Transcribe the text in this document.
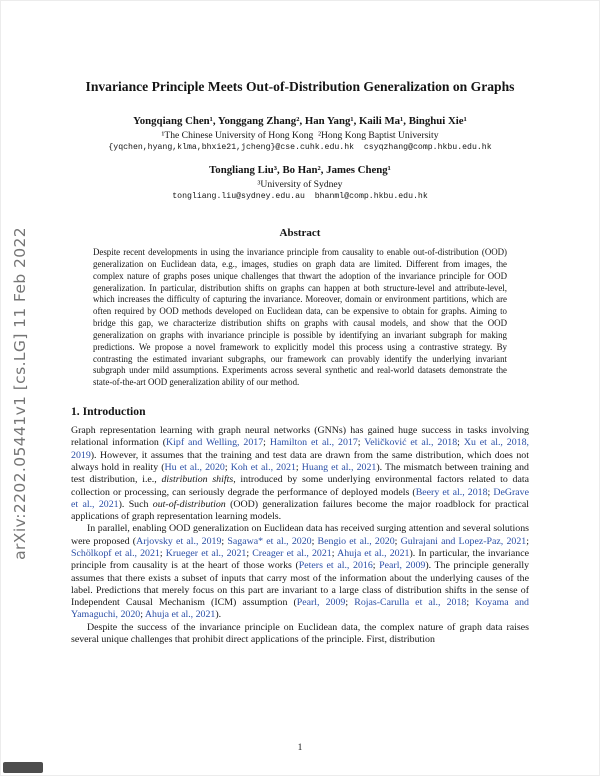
arXiv:2202.05441v1 [cs.LG] 11 Feb 2022
Invariance Principle Meets Out-of-Distribution Generalization on Graphs
Yongqiang Chen¹, Yonggang Zhang², Han Yang¹, Kaili Ma¹, Binghui Xie¹
¹The Chinese University of Hong Kong  ²Hong Kong Baptist University
{yqchen,hyang,klma,bhxie21,jcheng}@cse.cuhk.edu.hk  csyqzhang@comp.hkbu.edu.hk
Tongliang Liu³, Bo Han², James Cheng¹
³University of Sydney
tongliang.liu@sydney.edu.au  bhanml@comp.hkbu.edu.hk
Abstract

Despite recent developments in using the invariance principle from causality to enable out-of-distribution (OOD) generalization on Euclidean data, e.g., images, studies on graph data are limited. Different from images, the complex nature of graphs poses unique challenges that thwart the adoption of the invariance principle for OOD generalization. In particular, distribution shifts on graphs can happen at both structure-level and attribute-level, which increases the difficulty of capturing the invariance. Moreover, domain or environment partitions, which are often required by OOD methods developed on Euclidean data, can be expensive to obtain for graphs. Aiming to bridge this gap, we characterize distribution shifts on graphs with causal models, and show that the OOD generalization on graphs with invariance principle is possible by identifying an invariant subgraph for making predictions. We propose a novel framework to explicitly model this process using a contrastive strategy. By contrasting the estimated invariant subgraphs, our framework can provably identify the underlying invariant subgraph under mild assumptions. Experiments across several synthetic and real-world datasets demonstrate the state-of-the-art OOD generalization ability of our method.

1. Introduction

Graph representation learning with graph neural networks (GNNs) has gained huge success in tasks involving relational information (Kipf and Welling, 2017; Hamilton et al., 2017; Veličković et al., 2018; Xu et al., 2018, 2019). However, it assumes that the training and test data are drawn from the same distribution, which does not always hold in reality (Hu et al., 2020; Koh et al., 2021; Huang et al., 2021). The mismatch between training and test distribution, i.e., distribution shifts, introduced by some underlying environmental factors related to data collection or processing, can seriously degrade the performance of deployed models (Beery et al., 2018; DeGrave et al., 2021). Such out-of-distribution (OOD) generalization failures become the major roadblock for practical applications of graph representation learning models.

In parallel, enabling OOD generalization on Euclidean data has received surging attention and several solutions were proposed (Arjovsky et al., 2019; Sagawa* et al., 2020; Bengio et al., 2020; Gulrajani and Lopez-Paz, 2021; Schölkopf et al., 2021; Krueger et al., 2021; Creager et al., 2021; Ahuja et al., 2021). In particular, the invariance principle from causality is at the heart of those works (Peters et al., 2016; Pearl, 2009). The principle generally assumes that there exists a subset of inputs that carry most of the information about the underlying causes of the label. Predictions that merely focus on this part are invariant to a large class of distribution shifts in the sense of Independent Causal Mechanism (ICM) assumption (Pearl, 2009; Rojas-Carulla et al., 2018; Koyama and Yamaguchi, 2020; Ahuja et al., 2021).

Despite the success of the invariance principle on Euclidean data, the complex nature of graph data raises several unique challenges that prohibit direct applications of the principle. First, distribution

1
